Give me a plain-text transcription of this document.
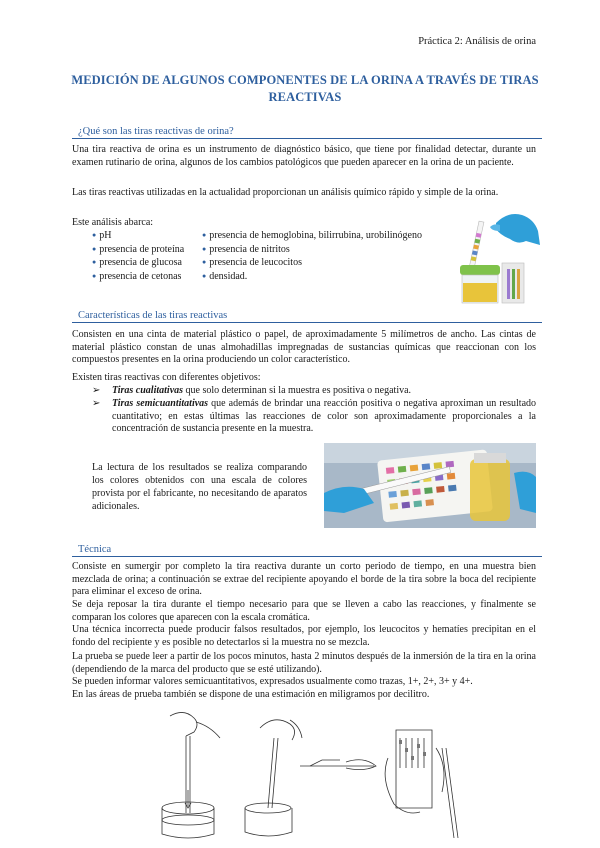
Práctica 2: Análisis de orina
MEDICIÓN DE ALGUNOS COMPONENTES DE LA ORINA A TRAVÉS DE TIRAS REACTIVAS
¿Qué son las tiras reactivas de orina?

Una tira reactiva de orina es un instrumento de diagnóstico básico, que tiene por finalidad detectar, durante un examen rutinario de orina, algunos de los cambios patológicos que pueden aparecer en la orina de un paciente.

Las tiras reactivas utilizadas en la actualidad proporcionan un análisis químico rápido y simple de la orina.

Este análisis abarca:
● pH
● presencia de proteína
● presencia de glucosa
● presencia de cetonas
● presencia de hemoglobina, bilirrubina, urobilinógeno
● presencia de nitritos
● presencia de leucocitos
● densidad.
Características de las tiras reactivas

Consisten en una cinta de material plástico o papel, de aproximadamente 5 milímetros de ancho. Las cintas de material plástico constan de unas almohadillas impregnadas de sustancias químicas que reaccionan con los compuestos presentes en la orina produciendo un color característico.

Existen tiras reactivas con diferentes objetivos:
➢ Tiras cualitativas que solo determinan si la muestra es positiva o negativa.
➢ Tiras semicuantitativas que además de brindar una reacción positiva o negativa aproximan un resultado cuantitativo; en estas últimas las reacciones de color son aproximadamente proporcionales a la concentración de sustancia presente en la muestra.
La lectura de los resultados se realiza comparando los colores obtenidos con una escala de colores provista por el fabricante, no necesitando de aparatos adicionales.
Técnica

Consiste en sumergir por completo la tira reactiva durante un corto periodo de tiempo, en una muestra bien mezclada de orina; a continuación se extrae del recipiente apoyando el borde de la tira sobre la boca del recipiente para eliminar el exceso de orina.

Se deja reposar la tira durante el tiempo necesario para que se lleven a cabo las reacciones, y finalmente se comparan los colores que aparecen con la escala cromática.

Una técnica incorrecta puede producir falsos resultados, por ejemplo, los leucocitos y hematíes precipitan en el fondo del recipiente y es posible no detectarlos si la muestra no se mezcla.

La prueba se puede leer a partir de los pocos minutos, hasta 2 minutos después de la inmersión de la tira en la orina (dependiendo de la marca del producto que se esté utilizando).

Se pueden informar valores semicuantitativos, expresados usualmente como trazas, 1+, 2+, 3+ y 4+.

En las áreas de prueba también se dispone de una estimación en miligramos por decilitro.
